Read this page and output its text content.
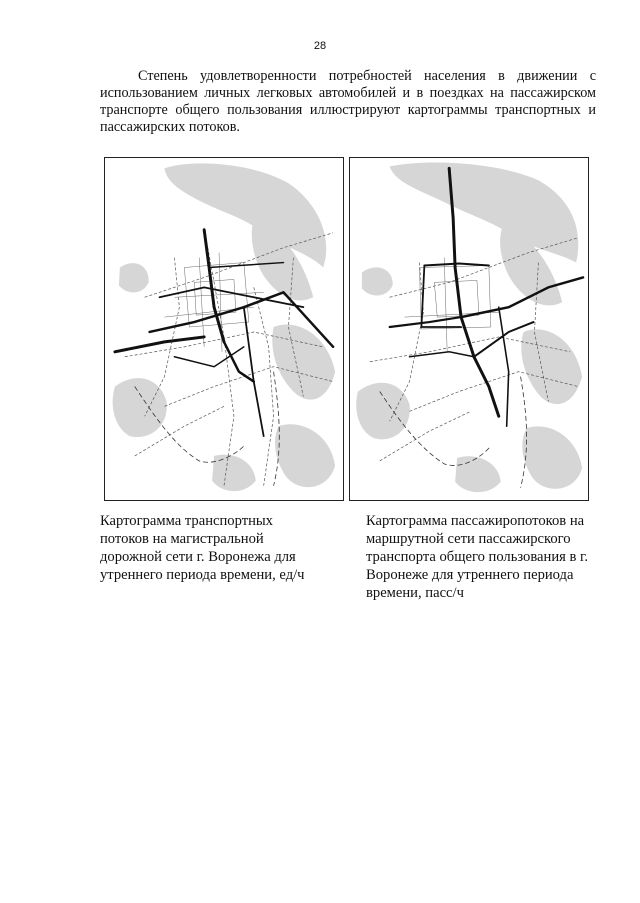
28

Степень удовлетворенности потребностей населения в движении с использованием личных легковых автомобилей и в поездках на пассажирском транспорте общего пользования иллюстрируют картограммы транспортных и пассажирских потоков.

Картограмма транспортных
потоков на магистральной
дорожной сети г. Воронежа для
утреннего периода времени, ед/ч

Картограмма пассажиропотоков на
маршрутной сети пассажирского
транспорта общего пользования в г.
Воронеже для утреннего периода
времени, пасс/ч
